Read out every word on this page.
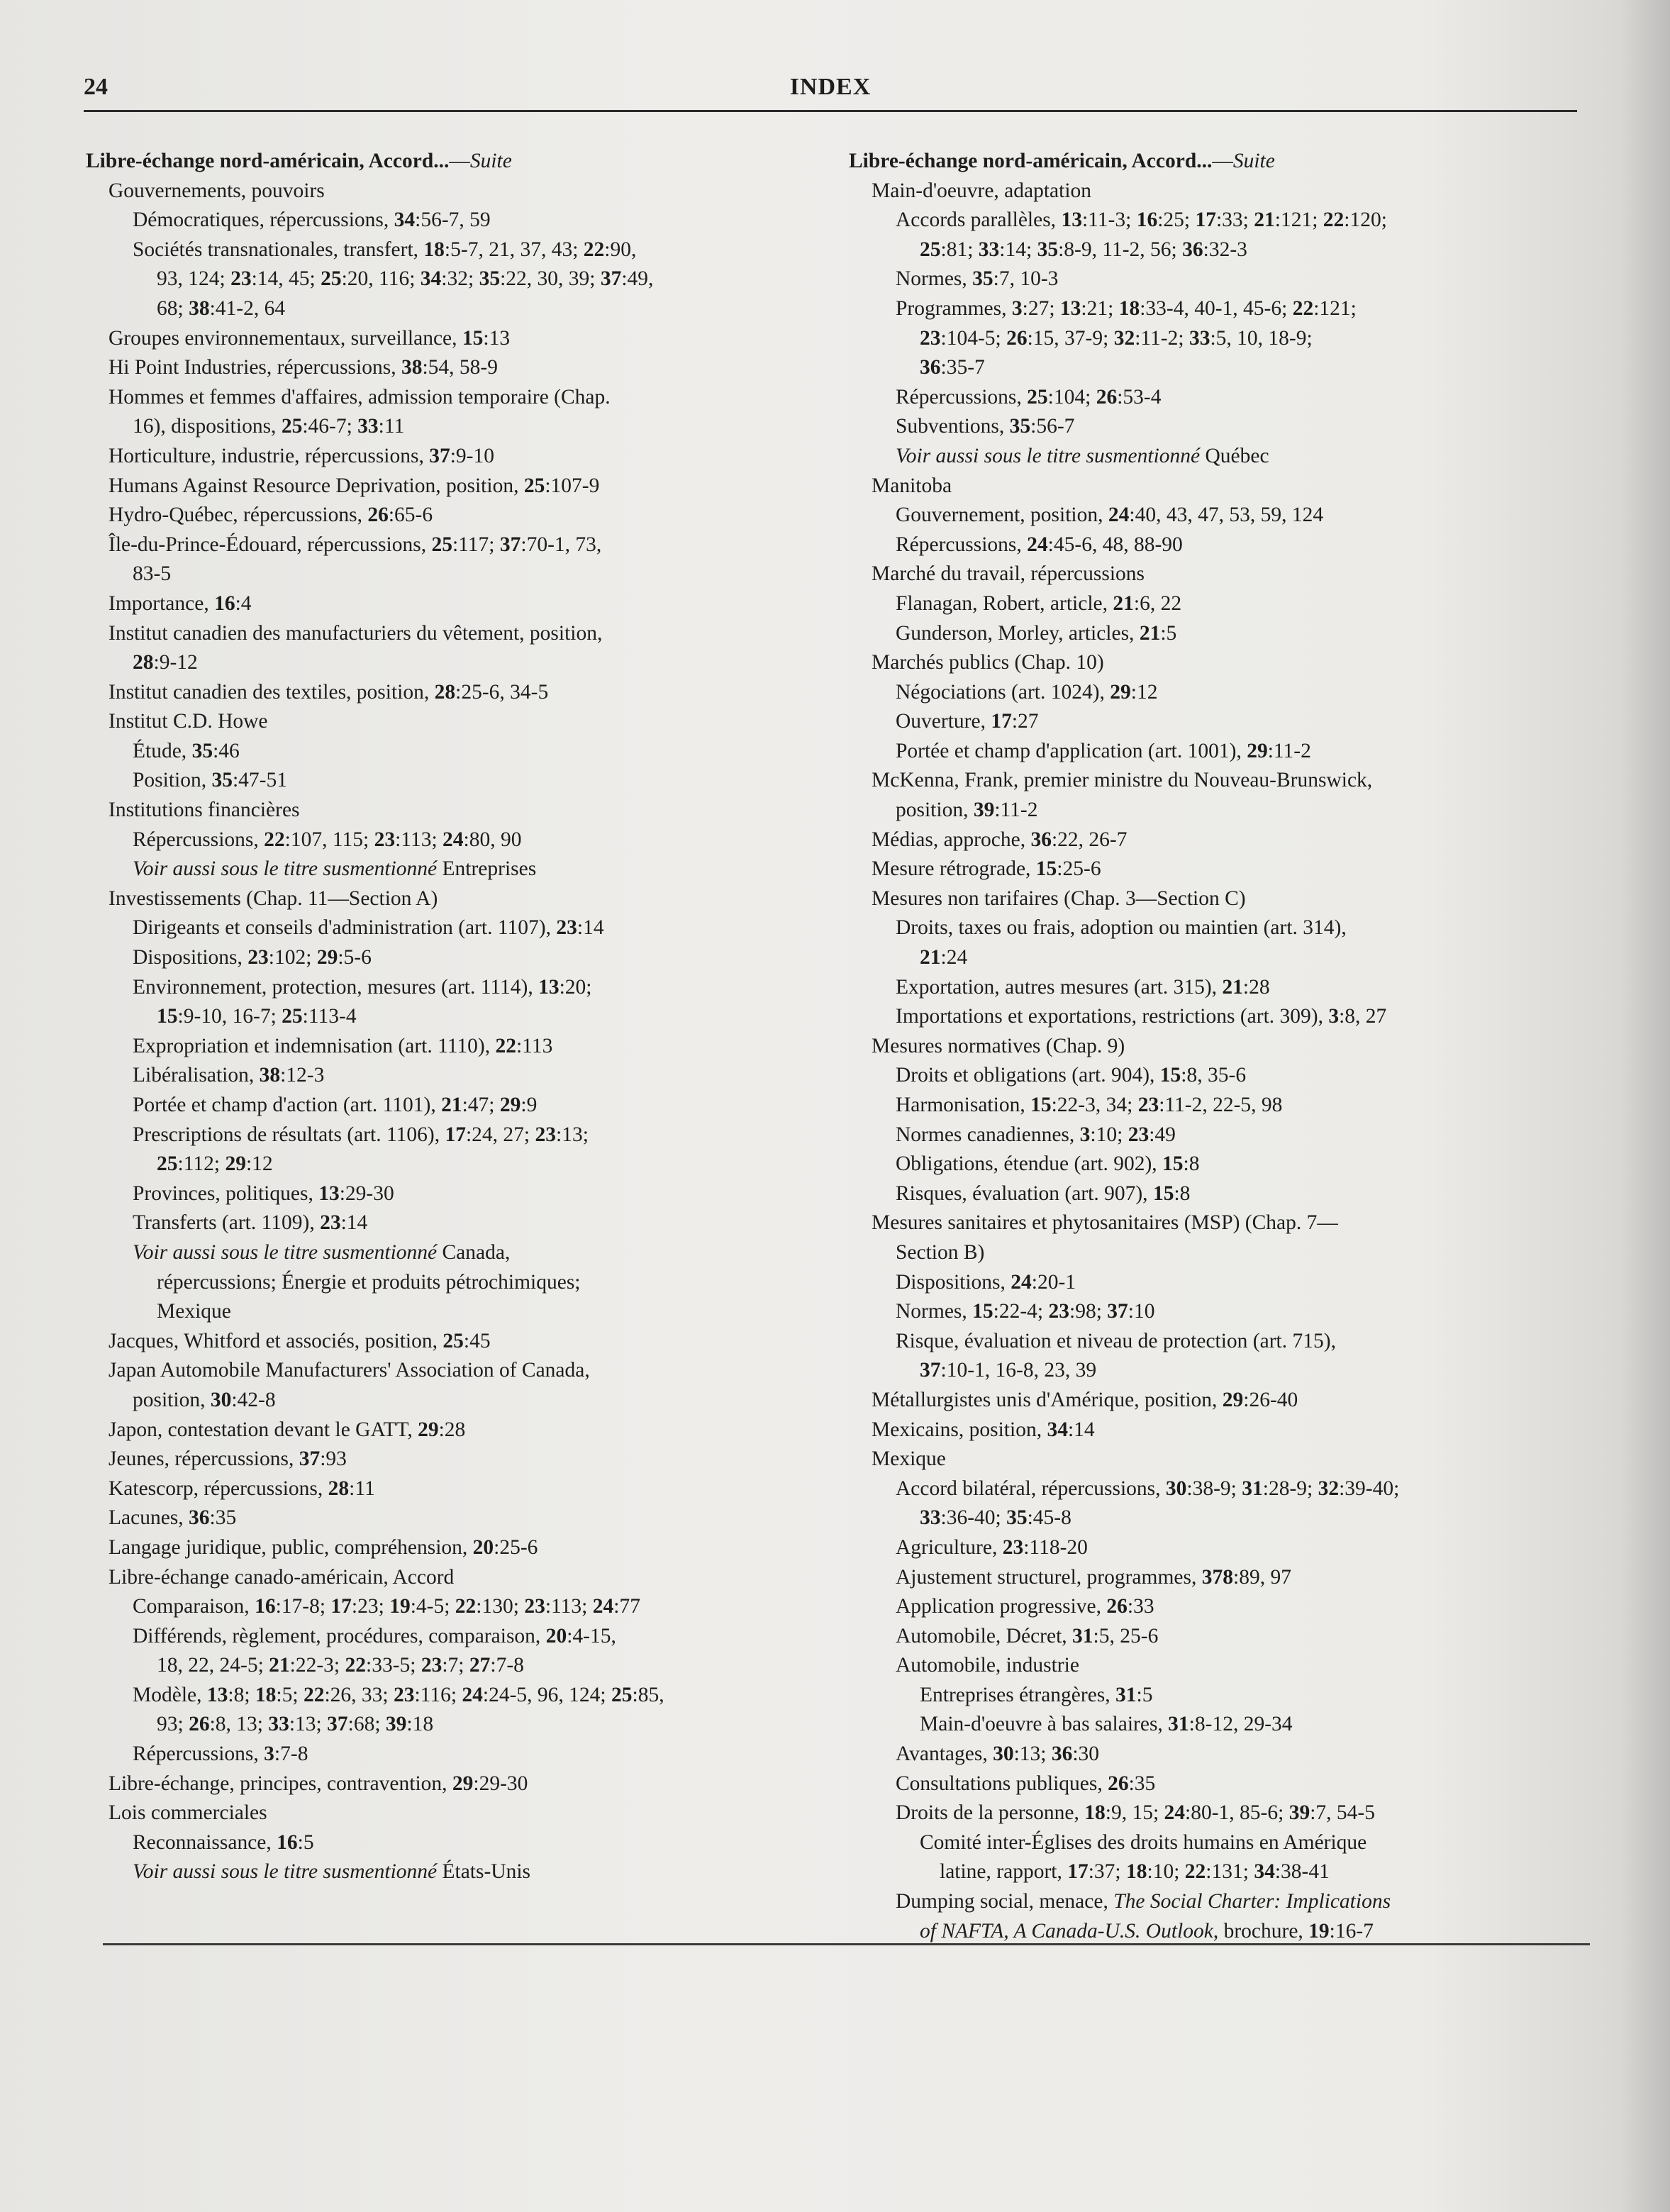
24	INDEX
Libre-échange nord-américain, Accord...—Suite
Gouvernements, pouvoirs
Démocratiques, répercussions, 34:56-7, 59
Sociétés transnationales, transfert, 18:5-7, 21, 37, 43; 22:90,
93, 124; 23:14, 45; 25:20, 116; 34:32; 35:22, 30, 39; 37:49,
68; 38:41-2, 64
Groupes environnementaux, surveillance, 15:13
Hi Point Industries, répercussions, 38:54, 58-9
Hommes et femmes d'affaires, admission temporaire (Chap.
16), dispositions, 25:46-7; 33:11
Horticulture, industrie, répercussions, 37:9-10
Humans Against Resource Deprivation, position, 25:107-9
Hydro-Québec, répercussions, 26:65-6
Île-du-Prince-Édouard, répercussions, 25:117; 37:70-1, 73,
83-5
Importance, 16:4
Institut canadien des manufacturiers du vêtement, position,
28:9-12
Institut canadien des textiles, position, 28:25-6, 34-5
Institut C.D. Howe
Étude, 35:46
Position, 35:47-51
Institutions financières
Répercussions, 22:107, 115; 23:113; 24:80, 90
Voir aussi sous le titre susmentionné Entreprises
Investissements (Chap. 11—Section A)
Dirigeants et conseils d'administration (art. 1107), 23:14
Dispositions, 23:102; 29:5-6
Environnement, protection, mesures (art. 1114), 13:20;
15:9-10, 16-7; 25:113-4
Expropriation et indemnisation (art. 1110), 22:113
Libéralisation, 38:12-3
Portée et champ d'action (art. 1101), 21:47; 29:9
Prescriptions de résultats (art. 1106), 17:24, 27; 23:13;
25:112; 29:12
Provinces, politiques, 13:29-30
Transferts (art. 1109), 23:14
Voir aussi sous le titre susmentionné Canada,
répercussions; Énergie et produits pétrochimiques;
Mexique
Jacques, Whitford et associés, position, 25:45
Japan Automobile Manufacturers' Association of Canada,
position, 30:42-8
Japon, contestation devant le GATT, 29:28
Jeunes, répercussions, 37:93
Katescorp, répercussions, 28:11
Lacunes, 36:35
Langage juridique, public, compréhension, 20:25-6
Libre-échange canado-américain, Accord
Comparaison, 16:17-8; 17:23; 19:4-5; 22:130; 23:113; 24:77
Différends, règlement, procédures, comparaison, 20:4-15,
18, 22, 24-5; 21:22-3; 22:33-5; 23:7; 27:7-8
Modèle, 13:8; 18:5; 22:26, 33; 23:116; 24:24-5, 96, 124; 25:85,
93; 26:8, 13; 33:13; 37:68; 39:18
Répercussions, 3:7-8
Libre-échange, principes, contravention, 29:29-30
Lois commerciales
Reconnaissance, 16:5
Voir aussi sous le titre susmentionné États-Unis
Libre-échange nord-américain, Accord...—Suite
Main-d'oeuvre, adaptation
Accords parallèles, 13:11-3; 16:25; 17:33; 21:121; 22:120;
25:81; 33:14; 35:8-9, 11-2, 56; 36:32-3
Normes, 35:7, 10-3
Programmes, 3:27; 13:21; 18:33-4, 40-1, 45-6; 22:121;
23:104-5; 26:15, 37-9; 32:11-2; 33:5, 10, 18-9;
36:35-7
Répercussions, 25:104; 26:53-4
Subventions, 35:56-7
Voir aussi sous le titre susmentionné Québec
Manitoba
Gouvernement, position, 24:40, 43, 47, 53, 59, 124
Répercussions, 24:45-6, 48, 88-90
Marché du travail, répercussions
Flanagan, Robert, article, 21:6, 22
Gunderson, Morley, articles, 21:5
Marchés publics (Chap. 10)
Négociations (art. 1024), 29:12
Ouverture, 17:27
Portée et champ d'application (art. 1001), 29:11-2
McKenna, Frank, premier ministre du Nouveau-Brunswick,
position, 39:11-2
Médias, approche, 36:22, 26-7
Mesure rétrograde, 15:25-6
Mesures non tarifaires (Chap. 3—Section C)
Droits, taxes ou frais, adoption ou maintien (art. 314),
21:24
Exportation, autres mesures (art. 315), 21:28
Importations et exportations, restrictions (art. 309), 3:8, 27
Mesures normatives (Chap. 9)
Droits et obligations (art. 904), 15:8, 35-6
Harmonisation, 15:22-3, 34; 23:11-2, 22-5, 98
Normes canadiennes, 3:10; 23:49
Obligations, étendue (art. 902), 15:8
Risques, évaluation (art. 907), 15:8
Mesures sanitaires et phytosanitaires (MSP) (Chap. 7—
Section B)
Dispositions, 24:20-1
Normes, 15:22-4; 23:98; 37:10
Risque, évaluation et niveau de protection (art. 715),
37:10-1, 16-8, 23, 39
Métallurgistes unis d'Amérique, position, 29:26-40
Mexicains, position, 34:14
Mexique
Accord bilatéral, répercussions, 30:38-9; 31:28-9; 32:39-40;
33:36-40; 35:45-8
Agriculture, 23:118-20
Ajustement structurel, programmes, 378:89, 97
Application progressive, 26:33
Automobile, Décret, 31:5, 25-6
Automobile, industrie
Entreprises étrangères, 31:5
Main-d'oeuvre à bas salaires, 31:8-12, 29-34
Avantages, 30:13; 36:30
Consultations publiques, 26:35
Droits de la personne, 18:9, 15; 24:80-1, 85-6; 39:7, 54-5
Comité inter-Églises des droits humains en Amérique
latine, rapport, 17:37; 18:10; 22:131; 34:38-41
Dumping social, menace, The Social Charter: Implications
of NAFTA, A Canada-U.S. Outlook, brochure, 19:16-7
